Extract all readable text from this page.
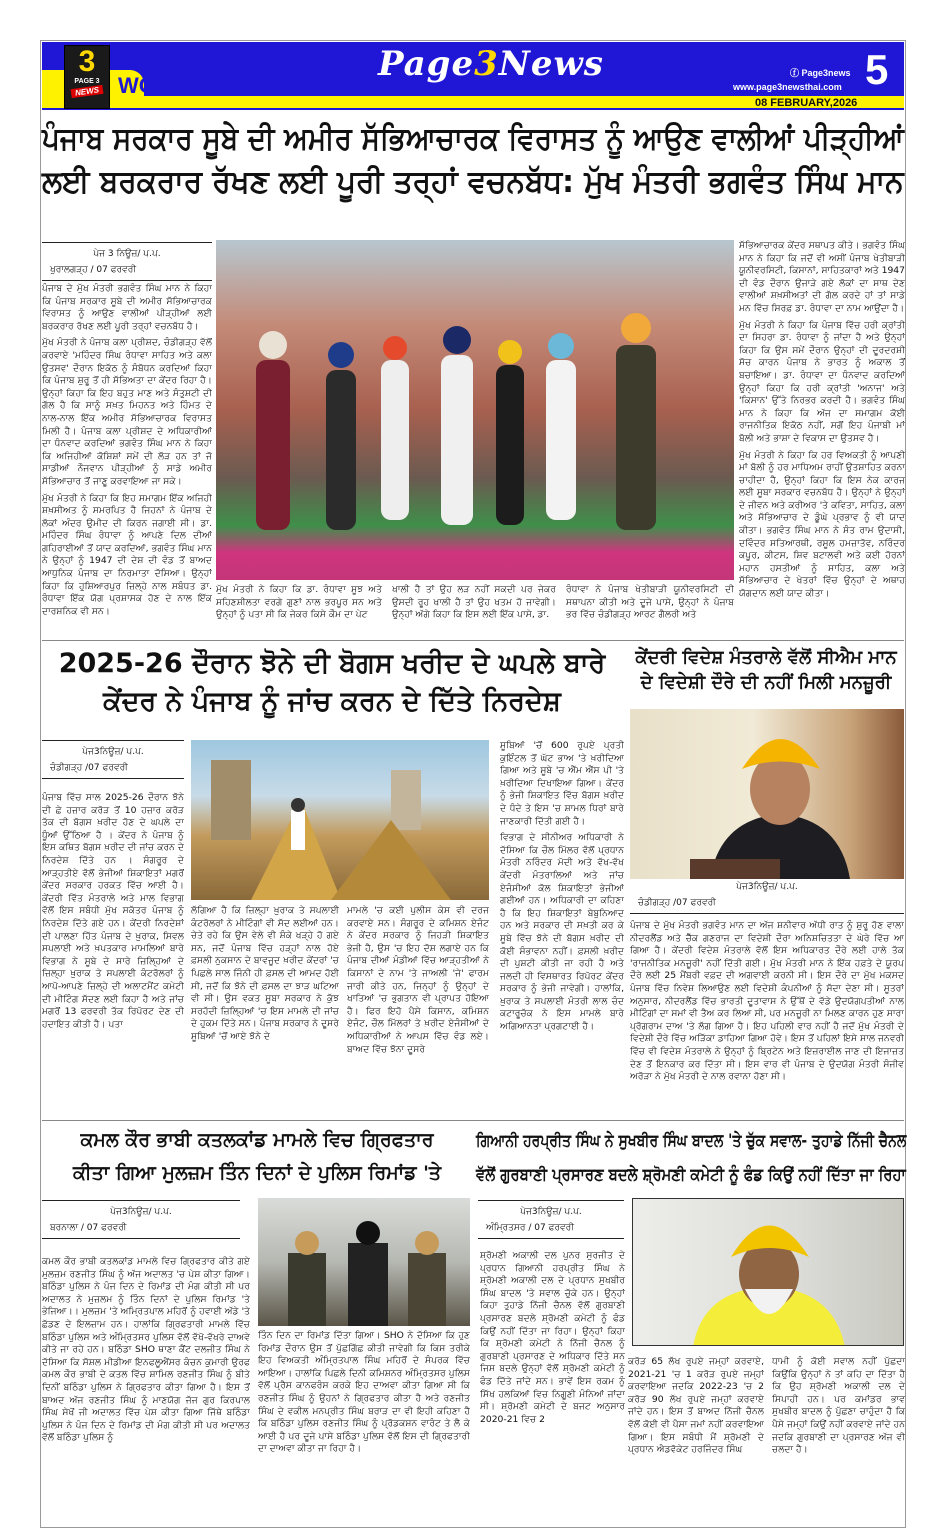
WORLD
3
PAGE 3
NEWS
Page3News	ⓕ Page3news
www.page3newsthai.com 5
08 FEBRUARY,2026
ਪੰਜਾਬ ਸਰਕਾਰ ਸੂਬੇ ਦੀ ਅਮੀਰ ਸੱਭਿਆਚਾਰਕ ਵਿਰਾਸਤ ਨੂੰ ਆਉਣ ਵਾਲੀਆਂ ਪੀੜ੍ਹੀਆਂ
ਲਈ ਬਰਕਰਾਰ ਰੱਖਣ ਲਈ ਪੂਰੀ ਤਰ੍ਹਾਂ ਵਚਨਬੱਧ: ਮੁੱਖ ਮੰਤਰੀ ਭਗਵੰਤ ਸਿੰਘ ਮਾਨ
ਪੇਜ 3 ਨਿਊਜ਼/ ਪ.ਪ.
ਖੁਰਾਲਗੜ੍ਹ / 07 ਫਰਵਰੀ

ਪੰਜਾਬ ਦੇ ਮੁੱਖ ਮੰਤਰੀ ਭਗਵੰਤ ਸਿੰਘ ਮਾਨ ਨੇ ਕਿਹਾ ਕਿ ਪੰਜਾਬ ਸਰਕਾਰ ਸੂਬੇ ਦੀ ਅਮੀਰ ਸੱਭਿਆਚਾਰਕ ਵਿਰਾਸਤ ਨੂੰ ਆਉਣ ਵਾਲੀਆਂ ਪੀੜ੍ਹੀਆਂ ਲਈ ਬਰਕਰਾਰ ਰੱਖਣ ਲਈ ਪੂਰੀ ਤਰ੍ਹਾਂ ਵਚਨਬੱਧ ਹੈ।

ਮੁੱਖ ਮੰਤਰੀ ਨੇ ਪੰਜਾਬ ਕਲਾ ਪ੍ਰੀਸ਼ਦ, ਚੰਡੀਗੜ੍ਹ ਵੱਲੋਂ ਕਰਵਾਏ 'ਮਹਿੰਦਰ ਸਿੰਘ ਰੰਧਾਵਾ ਸਾਹਿਤ ਅਤੇ ਕਲਾ ਉਤਸਵ' ਦੌਰਾਨ ਇਕੱਠ ਨੂੰ ਸੰਬੋਧਨ ਕਰਦਿਆਂ ਕਿਹਾ ਕਿ ਪੰਜਾਬ ਸ਼ੁਰੂ ਤੋਂ ਹੀ ਸੱਭਿਅਤਾ ਦਾ ਕੇਂਦਰ ਰਿਹਾ ਹੈ। ਉਨ੍ਹਾਂ ਕਿਹਾ ਕਿ ਇਹ ਬਹੁਤ ਮਾਣ ਅਤੇ ਸੰਤੁਸ਼ਟੀ ਦੀ ਗੱਲ ਹੈ ਕਿ ਸਾਨੂੰ ਸਖ਼ਤ ਮਿਹਨਤ ਅਤੇ ਹਿੰਮਤ ਦੇ ਨਾਲ-ਨਾਲ ਇੱਕ ਅਮੀਰ ਸੱਭਿਆਚਾਰਕ ਵਿਰਾਸਤ ਮਿਲੀ ਹੈ। ਪੰਜਾਬ ਕਲਾ ਪ੍ਰੀਸ਼ਦ ਦੇ ਅਧਿਕਾਰੀਆਂ ਦਾ ਧੰਨਵਾਦ ਕਰਦਿਆਂ ਭਗਵੰਤ ਸਿੰਘ ਮਾਨ ਨੇ ਕਿਹਾ ਕਿ ਅਜਿਹੀਆਂ ਕੋਸ਼ਿਸ਼ਾਂ ਸਮੇਂ ਦੀ ਲੋੜ ਹਨ ਤਾਂ ਜੋ ਸਾਡੀਆਂ ਨੌਜਵਾਨ ਪੀੜ੍ਹੀਆਂ ਨੂੰ ਸਾਡੇ ਅਮੀਰ ਸੱਭਿਆਚਾਰ ਤੋਂ ਜਾਣੂ ਕਰਵਾਇਆ ਜਾ ਸਕੇ।

ਮੁੱਖ ਮੰਤਰੀ ਨੇ ਕਿਹਾ ਕਿ ਇਹ ਸਮਾਗਮ ਇੱਕ ਅਜਿਹੀ ਸ਼ਖ਼ਸੀਅਤ ਨੂੰ ਸਮਰਪਿਤ ਹੈ ਜਿਹਨਾਂ ਨੇ ਪੰਜਾਬ ਦੇ ਲੋਕਾਂ ਅੰਦਰ ਉਮੀਦ ਦੀ ਕਿਰਨ ਜਗਾਈ ਸੀ। ਡਾ. ਮਹਿੰਦਰ ਸਿੰਘ ਰੰਧਾਵਾ ਨੂੰ ਆਪਣੇ ਦਿਲ ਦੀਆਂ ਗਹਿਰਾਈਆਂ ਤੋਂ ਯਾਦ ਕਰਦਿਆਂ, ਭਗਵੰਤ ਸਿੰਘ ਮਾਨ ਨੇ ਉਨ੍ਹਾਂ ਨੂੰ 1947 ਦੀ ਦੇਸ਼ ਦੀ ਵੰਡ ਤੋਂ ਬਾਅਦ ਆਧੁਨਿਕ ਪੰਜਾਬ ਦਾ ਨਿਰਮਾਤਾ ਦੱਸਿਆ। ਉਨ੍ਹਾਂ ਕਿਹਾ ਕਿ ਹੁਸ਼ਿਆਰਪੁਰ ਜ਼ਿਲ੍ਹੇ ਨਾਲ ਸਬੰਧਤ ਡਾ. ਰੰਧਾਵਾ ਇੱਕ ਯੋਗ ਪ੍ਰਸ਼ਾਸਕ ਹੋਣ ਦੇ ਨਾਲ ਇੱਕ ਦਾਰਸ਼ਨਿਕ ਵੀ ਸਨ।

ਮੁੱਖ ਮੰਤਰੀ ਨੇ ਕਿਹਾ ਕਿ ਡਾ. ਰੰਧਾਵਾ ਸੂਝ ਅਤੇ ਸਹਿਣਸ਼ੀਲਤਾ ਵਰਗੇ ਗੁਣਾਂ ਨਾਲ ਭਰਪੂਰ ਸਨ ਅਤੇ ਉਨ੍ਹਾਂ ਨੂੰ ਪਤਾ ਸੀ ਕਿ ਜੇਕਰ ਕਿਸੇ ਕੌਮ ਦਾ ਪੇਟ
ਖਾਲੀ ਹੈ ਤਾਂ ਉਹ ਲੜ ਨਹੀਂ ਸਕਦੀ ਪਰ ਜੇਕਰ ਉਸਦੀ ਰੂਹ ਖਾਲੀ ਹੈ ਤਾਂ ਉਹ ਖਤਮ ਹੋ ਜਾਵੇਗੀ। ਉਨ੍ਹਾਂ ਅੱਗੇ ਕਿਹਾ ਕਿ ਇਸ ਲਈ ਇੱਕ ਪਾਸੇ, ਡਾ.
ਰੰਧਾਵਾ ਨੇ ਪੰਜਾਬ ਖੇਤੀਬਾੜੀ ਯੂਨੀਵਰਸਿਟੀ ਦੀ ਸਥਾਪਨਾ ਕੀਤੀ ਅਤੇ ਦੂਜੇ ਪਾਸੇ, ਉਨ੍ਹਾਂ ਨੇ ਪੰਜਾਬ ਭਰ ਵਿੱਚ ਚੰਡੀਗੜ੍ਹ ਆਰਟ ਗੈਲਰੀ ਅਤੇ

ਸੱਭਿਆਚਾਰਕ ਕੇਂਦਰ ਸਥਾਪਤ ਕੀਤੇ। ਭਗਵੰਤ ਸਿੰਘ ਮਾਨ ਨੇ ਕਿਹਾ ਕਿ ਜਦੋਂ ਵੀ ਅਸੀਂ ਪੰਜਾਬ ਖੇਤੀਬਾੜੀ ਯੂਨੀਵਰਸਿਟੀ, ਕਿਸਾਨਾਂ, ਸਾਹਿਤਕਾਰਾਂ ਅਤੇ 1947 ਦੀ ਵੰਡ ਦੌਰਾਨ ਉਜਾੜੇ ਗਏ ਲੋਕਾਂ ਦਾ ਸਾਥ ਦੇਣ ਵਾਲੀਆਂ ਸ਼ਖ਼ਸੀਅਤਾਂ ਦੀ ਗੱਲ ਕਰਦੇ ਹਾਂ ਤਾਂ ਸਾਡੇ ਮਨ ਵਿੱਚ ਸਿਰਫ਼ ਡਾ. ਰੰਧਾਵਾ ਦਾ ਨਾਮ ਆਉਂਦਾ ਹੈ।

ਮੁੱਖ ਮੰਤਰੀ ਨੇ ਕਿਹਾ ਕਿ ਪੰਜਾਬ ਵਿੱਚ ਹਰੀ ਕ੍ਰਾਂਤੀ ਦਾ ਸਿਹਰਾ ਡਾ. ਰੰਧਾਵਾ ਨੂੰ ਜਾਂਦਾ ਹੈ ਅਤੇ ਉਨ੍ਹਾਂ ਕਿਹਾ ਕਿ ਉਸ ਸਮੇਂ ਦੌਰਾਨ ਉਨ੍ਹਾਂ ਦੀ ਦੂਰਦਰਸ਼ੀ ਸੋਚ ਕਾਰਨ ਪੰਜਾਬ ਨੇ ਭਾਰਤ ਨੂੰ ਅਕਾਲ ਤੋਂ ਬਚਾਇਆ। ਡਾ. ਰੰਧਾਵਾ ਦਾ ਧੰਨਵਾਦ ਕਰਦਿਆਂ ਉਨ੍ਹਾਂ ਕਿਹਾ ਕਿ ਹਰੀ ਕ੍ਰਾਂਤੀ 'ਅਨਾਜ' ਅਤੇ 'ਕਿਸਾਨ' ਉੱਤੇ ਨਿਰਭਰ ਕਰਦੀ ਹੈ। ਭਗਵੰਤ ਸਿੰਘ ਮਾਨ ਨੇ ਕਿਹਾ ਕਿ ਅੱਜ ਦਾ ਸਮਾਗਮ ਕੋਈ ਰਾਜਨੀਤਿਕ ਇਕੱਠ ਨਹੀਂ, ਸਗੋਂ ਇਹ ਪੰਜਾਬੀ ਮਾਂ ਬੋਲੀ ਅਤੇ ਭਾਸ਼ਾ ਦੇ ਵਿਕਾਸ ਦਾ ਉਤਸਵ ਹੈ।

ਮੁੱਖ ਮੰਤਰੀ ਨੇ ਕਿਹਾ ਕਿ ਹਰ ਵਿਅਕਤੀ ਨੂੰ ਆਪਣੀ ਮਾਂ ਬੋਲੀ ਨੂੰ ਹਰ ਮਾਧਿਅਮ ਰਾਹੀਂ ਉਤਸ਼ਾਹਿਤ ਕਰਨਾ ਚਾਹੀਦਾ ਹੈ, ਉਨ੍ਹਾਂ ਕਿਹਾ ਕਿ ਇਸ ਨੇਕ ਕਾਰਜ ਲਈ ਸੂਬਾ ਸਰਕਾਰ ਵਚਨਬੱਧ ਹੈ। ਉਨ੍ਹਾਂ ਨੇ ਉਨ੍ਹਾਂ ਦੇ ਜੀਵਨ ਅਤੇ ਕਰੀਅਰ 'ਤੇ ਕਵਿਤਾ, ਸਾਹਿਤ, ਕਲਾ ਅਤੇ ਸੱਭਿਆਚਾਰ ਦੇ ਡੂੰਘੇ ਪ੍ਰਭਾਵ ਨੂੰ ਵੀ ਯਾਦ ਕੀਤਾ। ਭਗਵੰਤ ਸਿੰਘ ਮਾਨ ਨੇ ਸੰਤ ਰਾਮ ਉਦਾਸੀ, ਦਵਿੰਦਰ ਸਤਿਆਰਥੀ, ਰਸੂਲ ਹਮਜ਼ਾਤੋਵ, ਨਰਿੰਦਰ ਕਪੂਰ, ਕੀਟਸ, ਸ਼ਿਵ ਬਟਾਲਵੀ ਅਤੇ ਕਈ ਹੋਰਨਾਂ ਮਹਾਨ ਹਸਤੀਆਂ ਨੂੰ ਸਾਹਿਤ, ਕਲਾ ਅਤੇ ਸੱਭਿਆਚਾਰ ਦੇ ਖੇਤਰਾਂ ਵਿੱਚ ਉਨ੍ਹਾਂ ਦੇ ਅਥਾਹ ਯੋਗਦਾਨ ਲਈ ਯਾਦ ਕੀਤਾ।

2025-26 ਦੌਰਾਨ ਝੋਨੇ ਦੀ ਬੋਗਸ ਖਰੀਦ ਦੇ ਘਪਲੇ ਬਾਰੇ
ਕੇਂਦਰ ਨੇ ਪੰਜਾਬ ਨੂੰ ਜਾਂਚ ਕਰਨ ਦੇ ਦਿੱਤੇ ਨਿਰਦੇਸ਼
ਪੇਜ3ਨਿਊਜ਼/ ਪ.ਪ.
ਚੰਡੀਗੜ੍ਹ /07 ਫਰਵਰੀ
ਪੰਜਾਬ ਵਿੱਚ ਸਾਲ 2025-26 ਦੌਰਾਨ ਝੋਨੇ ਦੀ ਛੇ ਹਜ਼ਾਰ ਕਰੋੜ ਤੋਂ 10 ਹਜ਼ਾਰ ਕਰੋੜ ਤੱਕ ਦੀ ਬੋਗਸ ਖ਼ਰੀਦ ਹੋਣ ਦੇ ਘਪਲੇ ਦਾ ਧੂੰਆਂ ਉੱਠਿਆ ਹੈ । ਕੇਂਦਰ ਨੇ ਪੰਜਾਬ ਨੂੰ ਇਸ ਕਥਿਤ ਬੋਗਸ ਖ਼ਰੀਦ ਦੀ ਜਾਂਚ ਕਰਨ ਦੇ ਨਿਰਦੇਸ਼ ਦਿੱਤੇ ਹਨ । ਸੰਗਰੂਰ ਦੇ ਆੜ੍ਹਤੀਏ ਵੱਲੋਂ ਭੇਜੀਆਂ ਸ਼ਿਕਾਇਤਾਂ ਮਗਰੋਂ ਕੇਂਦਰ ਸਰਕਾਰ ਹਰਕਤ ਵਿੱਚ ਆਈ ਹੈ। ਕੇਂਦਰੀ ਵਿੱਤ ਮੰਤਰਾਲੇ ਅਤੇ ਮਾਲ ਵਿਭਾਗ ਵੱਲੋਂ ਇਸ ਸਬੰਧੀ ਮੁੱਖ ਸਕੱਤਰ ਪੰਜਾਬ ਨੂੰ ਨਿਰਦੇਸ਼ ਦਿੱਤੇ ਗਏ ਹਨ। ਕੇਂਦਰੀ ਨਿਰਦੇਸ਼ਾਂ ਦੀ ਪਾਲਣਾ ਹਿੱਤ ਪੰਜਾਬ ਦੇ ਖ਼ੁਰਾਕ, ਸਿਵਲ ਸਪਲਾਈ ਅਤੇ ਖ਼ਪਤਕਾਰ ਮਾਮਲਿਆਂ ਬਾਰੇ ਵਿਭਾਗ ਨੇ ਸੂਬੇ ਦੇ ਸਾਰੇ ਜ਼ਿਲ੍ਹਿਆਂ ਦੇ ਜ਼ਿਲ੍ਹਾ ਖ਼ੁਰਾਕ ਤੇ ਸਪਲਾਈ ਕੰਟਰੋਲਰਾਂ ਨੂੰ ਆਪੋ-ਆਪਣੇ ਜ਼ਿਲ੍ਹੇ ਦੀ ਅਲਾਟਮੈਂਟ ਕਮੇਟੀ ਦੀ ਮੀਟਿੰਗ ਸੱਦਣ ਲਈ ਕਿਹਾ ਹੈ ਅਤੇ ਜਾਂਚ ਮਗਰੋਂ 13 ਫਰਵਰੀ ਤੱਕ ਰਿਪੋਰਟ ਦੇਣ ਦੀ ਹਦਾਇਤ ਕੀਤੀ ਹੈ। ਪਤਾ
ਲੱਗਿਆ ਹੈ ਕਿ ਜ਼ਿਲ੍ਹਾ ਖ਼ੁਰਾਕ ਤੇ ਸਪਲਾਈ ਕੰਟਰੋਲਰਾਂ ਨੇ ਮੀਟਿੰਗਾਂ ਵੀ ਸੱਦ ਲਈਆਂ ਹਨ। ਚੇਤੇ ਰਹੇ ਕਿ ਉਸ ਵੇਲੇ ਵੀ ਸ਼ੰਕੇ ਖੜ੍ਹੇ ਹੋ ਗਏ ਸਨ, ਜਦੋਂ ਪੰਜਾਬ ਵਿੱਚ ਹੜ੍ਹਾਂ ਨਾਲ ਹੋਏ ਫ਼ਸਲੀ ਨੁਕਸਾਨ ਦੇ ਬਾਵਜੂਦ ਖ਼ਰੀਦ ਕੇਂਦਰਾਂ 'ਚ ਪਿਛਲੇ ਸਾਲ ਜਿੰਨੀ ਹੀ ਫ਼ਸਲ ਦੀ ਆਮਦ ਹੋਈ ਸੀ, ਜਦੋਂ ਕਿ ਝੋਨੇ ਦੀ ਫ਼ਸਲ ਦਾ ਝਾੜ ਘਟਿਆ ਵੀ ਸੀ। ਉਸ ਵਕਤ ਸੂਬਾ ਸਰਕਾਰ ਨੇ ਕੁੱਝ ਸਰਹੱਦੀ ਜ਼ਿਲ੍ਹਿਆਂ 'ਚ ਇਸ ਮਾਮਲੇ ਦੀ ਜਾਂਚ ਦੇ ਹੁਕਮ ਦਿੱਤੇ ਸਨ। ਪੰਜਾਬ ਸਰਕਾਰ ਨੇ ਦੂਸਰੇ ਸੂਬਿਆਂ 'ਚੋਂ ਆਏ ਝੋਨੇ ਦੇ
ਮਾਮਲੇ 'ਚ ਕਈ ਪੁਲੀਸ ਕੇਸ ਵੀ ਦਰਜ ਕਰਵਾਏ ਸਨ। ਸੰਗਰੂਰ ਦੇ ਕਮਿਸ਼ਨ ਏਜੰਟ ਨੇ ਕੇਂਦਰ ਸਰਕਾਰ ਨੂੰ ਜਿਹੜੀ ਸ਼ਿਕਾਇਤ ਭੇਜੀ ਹੈ, ਉਸ 'ਚ ਇਹ ਦੋਸ਼ ਲਗਾਏ ਹਨ ਕਿ ਪੰਜਾਬ ਦੀਆਂ ਮੰਡੀਆਂ ਵਿੱਚ ਆੜ੍ਹਤੀਆਂ ਨੇ ਕਿਸਾਨਾਂ ਦੇ ਨਾਮ 'ਤੇ ਜਾਅਲੀ 'ਜੇ' ਫਾਰਮ ਜਾਰੀ ਕੀਤੇ ਹਨ, ਜਿਨ੍ਹਾਂ ਨੂੰ ਉਨ੍ਹਾਂ ਦੇ ਖਾਤਿਆਂ 'ਚ ਭੁਗਤਾਨ ਵੀ ਪ੍ਰਾਪਤ ਹੋਇਆ ਹੈ। ਫਿਰ ਇਹੋ ਪੈਸੇ ਕਿਸਾਨ, ਕਮਿਸ਼ਨ ਏਜੰਟ, ਚੌਲ ਮਿੱਲਰਾਂ ਤੇ ਖ਼ਰੀਦ ਏਜੰਸੀਆਂ ਦੇ ਅਧਿਕਾਰੀਆਂ ਨੇ ਆਪਸ ਵਿੱਚ ਵੰਡ ਲਏ। ਬਾਅਦ ਵਿੱਚ ਝੋਨਾ ਦੂਸਰੇ

ਸੂਬਿਆਂ 'ਚੋਂ 600 ਰੁਪਏ ਪ੍ਰਤੀ ਕੁਇੰਟਲ ਤੋਂ ਘੱਟ ਭਾਅ 'ਤੇ ਖ਼ਰੀਦਿਆ ਗਿਆ ਅਤੇ ਸੂਬੇ 'ਚ ਐੱਮ ਐੱਸ ਪੀ 'ਤੇ ਖ਼ਰੀਦਿਆ ਦਿਖਾਇਆ ਗਿਆ। ਕੇਂਦਰ ਨੂੰ ਭੇਜੀ ਸ਼ਿਕਾਇਤ ਵਿੱਚ ਬੋਗਸ ਖ਼ਰੀਦ ਦੇ ਧੰਦੇ ਤੇ ਇਸ 'ਚ ਸ਼ਾਮਲ ਧਿਰਾਂ ਬਾਰੇ ਜਾਣਕਾਰੀ ਦਿੱਤੀ ਗਈ ਹੈ।

ਵਿਭਾਗ ਦੇ ਸੀਨੀਅਰ ਅਧਿਕਾਰੀ ਨੇ ਦੱਸਿਆ ਕਿ ਚੌਲ ਮਿੱਲਰ ਵੱਲੋਂ ਪ੍ਰਧਾਨ ਮੰਤਰੀ ਨਰਿੰਦਰ ਮੋਦੀ ਅਤੇ ਵੱਖ-ਵੱਖ ਕੇਂਦਰੀ ਮੰਤਰਾਲਿਆਂ ਅਤੇ ਜਾਂਚ ਏਜੰਸੀਆਂ ਕੋਲ ਸ਼ਿਕਾਇਤਾਂ ਭੇਜੀਆਂ ਗਈਆਂ ਹਨ। ਅਧਿਕਾਰੀ ਦਾ ਕਹਿਣਾ ਹੈ ਕਿ ਇਹ ਸ਼ਿਕਾਇਤਾਂ ਬੇਬੁਨਿਆਦ ਹਨ ਅਤੇ ਸਰਕਾਰ ਦੀ ਸਖ਼ਤੀ ਕਰ ਕੇ ਸੂਬੇ ਵਿੱਚ ਝੋਨੇ ਦੀ ਬੋਗਸ ਖ਼ਰੀਦ ਦੀ ਕੋਈ ਸੰਭਾਵਨਾ ਨਹੀਂ। ਫ਼ਸਲੀ ਖ਼ਰੀਦ ਦੀ ਪੁਸ਼ਟੀ ਕੀਤੀ ਜਾ ਰਹੀ ਹੈ ਅਤੇ ਜਲਦੀ ਹੀ ਵਿਸਥਾਰਤ ਰਿਪੋਰਟ ਕੇਂਦਰ ਸਰਕਾਰ ਨੂੰ ਭੇਜੀ ਜਾਵੇਗੀ। ਹਾਲਾਂਕਿ, ਖ਼ੁਰਾਕ ਤੇ ਸਪਲਾਈ ਮੰਤਰੀ ਲਾਲ ਚੰਦ ਕਟਾਰੂਚੱਕ ਨੇ ਇਸ ਮਾਮਲੇ ਬਾਰੇ ਅਗਿਆਨਤਾ ਪ੍ਰਗਟਾਈ ਹੈ।

ਕੇਂਦਰੀ ਵਿਦੇਸ਼ ਮੰਤਰਾਲੇ ਵੱਲੋਂ ਸੀਐਮ ਮਾਨ
ਦੇ ਵਿਦੇਸ਼ੀ ਦੌਰੇ ਦੀ ਨਹੀਂ ਮਿਲੀ ਮਨਜ਼ੂਰੀ
ਪੇਜ3ਨਿਊਜ਼/ ਪ.ਪ.
ਚੰਡੀਗੜ੍ਹ /07 ਫਰਵਰੀ
ਪੰਜਾਬ ਦੇ ਮੁੱਖ ਮੰਤਰੀ ਭਗਵੰਤ ਮਾਨ ਦਾ ਅੱਜ ਸ਼ਨੀਵਾਰ ਅੱਧੀ ਰਾਤ ਨੂੰ ਸ਼ੁਰੂ ਹੋਣ ਵਾਲਾ ਨੀਦਰਲੈਂਡ ਅਤੇ ਚੈੱਕ ਗਣਰਾਜ ਦਾ ਵਿਦੇਸ਼ੀ ਦੌਰਾ ਅਨਿਸ਼ਚਿਤਤਾ ਦੇ ਘੇਰੇ ਵਿੱਚ ਆ ਗਿਆ ਹੈ। ਕੇਂਦਰੀ ਵਿਦੇਸ਼ ਮੰਤਰਾਲੇ ਵੱਲੋਂ ਇਸ ਅਧਿਕਾਰਤ ਦੌਰੇ ਲਈ ਹਾਲੇ ਤੱਕ 'ਰਾਜਨੀਤਿਕ ਮਨਜ਼ੂਰੀ' ਨਹੀਂ ਦਿੱਤੀ ਗਈ। ਮੁੱਖ ਮੰਤਰੀ ਮਾਨ ਨੇ ਇੱਕ ਹਫ਼ਤੇ ਦੇ ਯੂਰਪ ਦੌਰੇ ਲਈ 25 ਮੈਂਬਰੀ ਵਫ਼ਦ ਦੀ ਅਗਵਾਈ ਕਰਨੀ ਸੀ। ਇਸ ਦੌਰੇ ਦਾ ਮੁੱਖ ਮਕਸਦ ਪੰਜਾਬ ਵਿੱਚ ਨਿਵੇਸ਼ ਲਿਆਉਣ ਲਈ ਵਿਦੇਸ਼ੀ ਕੰਪਨੀਆਂ ਨੂੰ ਸੱਦਾ ਦੇਣਾ ਸੀ। ਸੂਤਰਾਂ ਅਨੁਸਾਰ, ਨੀਦਰਲੈਂਡ ਵਿੱਚ ਭਾਰਤੀ ਦੂਤਾਵਾਸ ਨੇ ਉੱਥੋਂ ਦੇ ਵੱਡੇ ਉਦਯੋਗਪਤੀਆਂ ਨਾਲ ਮੀਟਿੰਗਾਂ ਦਾ ਸਮਾਂ ਵੀ ਤੈਅ ਕਰ ਲਿਆ ਸੀ, ਪਰ ਮਨਜ਼ੂਰੀ ਨਾ ਮਿਲਣ ਕਾਰਨ ਹੁਣ ਸਾਰਾ ਪ੍ਰੋਗਰਾਮ ਦਾਅ 'ਤੇ ਲੱਗ ਗਿਆ ਹੈ। ਇਹ ਪਹਿਲੀ ਵਾਰ ਨਹੀਂ ਹੈ ਜਦੋਂ ਮੁੱਖ ਮੰਤਰੀ ਦੇ ਵਿਦੇਸ਼ੀ ਦੌਰੇ ਵਿੱਚ ਅੜਿੱਕਾ ਡਾਹਿਆ ਗਿਆ ਹੋਵੇ। ਇਸ ਤੋਂ ਪਹਿਲਾਂ ਇਸੇ ਸਾਲ ਜਨਵਰੀ ਵਿੱਚ ਵੀ ਵਿਦੇਸ਼ ਮੰਤਰਾਲੇ ਨੇ ਉਨ੍ਹਾਂ ਨੂੰ ਬ੍ਰਿਟੇਨ ਅਤੇ ਇਜ਼ਰਾਈਲ ਜਾਣ ਦੀ ਇਜਾਜ਼ਤ ਦੇਣ ਤੋਂ ਇਨਕਾਰ ਕਰ ਦਿੱਤਾ ਸੀ। ਇਸ ਵਾਰ ਵੀ ਪੰਜਾਬ ਦੇ ਉਦਯੋਗ ਮੰਤਰੀ ਸੰਜੀਵ ਅਰੋੜਾ ਨੇ ਮੁੱਖ ਮੰਤਰੀ ਦੇ ਨਾਲ ਰਵਾਨਾ ਹੋਣਾ ਸੀ।
ਕਮਲ ਕੌਰ ਭਾਬੀ ਕਤਲਕਾਂਡ ਮਾਮਲੇ ਵਿਚ ਗ੍ਰਿਫਤਾਰ
ਕੀਤਾ ਗਿਆ ਮੁਲਜ਼ਮ ਤਿੰਨ ਦਿਨਾਂ ਦੇ ਪੁਲਿਸ ਰਿਮਾਂਡ 'ਤੇ
ਪੇਜ3ਨਿਊਜ਼/ ਪ.ਪ.
ਬਰਨਾਲਾ / 07 ਫਰਵਰੀ
ਕਮਲ ਕੌਰ ਭਾਬੀ ਕਤਲਕਾਂਡ ਮਾਮਲੇ ਵਿਚ ਗ੍ਰਿਫਤਾਰ ਕੀਤੇ ਗਏ ਮੁਲਜ਼ਮ ਰਣਜੀਤ ਸਿੰਘ ਨੂੰ ਅੱਜ ਅਦਾਲਤ 'ਚ ਪੇਸ਼ ਕੀਤਾ ਗਿਆ। ਬਠਿੰਡਾ ਪੁਲਿਸ ਨੇ ਪੰਜ ਦਿਨ ਦੇ ਰਿਮਾਂਡ ਦੀ ਮੰਗ ਕੀਤੀ ਸੀ ਪਰ ਅਦਾਲਤ ਨੇ ਮੁਜ਼ਲਮ ਨੂੰ ਤਿੰਨ ਦਿਨਾਂ ਦੇ ਪੁਲਿਸ ਰਿਮਾਂਡ 'ਤੇ ਭੇਜਿਆ।। ਮੁਲਜ਼ਮ 'ਤੇ ਅਮ੍ਰਿਤਪਾਲ ਮਹਿਰੋਂ ਨੂੰ ਹਵਾਈ ਅੱਡੇ 'ਤੇ ਛੱਡਣ ਦੇ ਇਲਜ਼ਾਮ ਹਨ। ਹਾਲਾਂਕਿ ਗ੍ਰਿਫਤਾਰੀ ਮਾਮਲੇ ਵਿੱਚ ਬਠਿੰਡਾ ਪੁਲਿਸ ਅਤੇ ਅੰਮ੍ਰਿਤਸਰ ਪੁਲਿਸ ਵੱਲੋਂ ਵੱਖੋ-ਵੱਖਰੇ ਦਾਅਵੇ ਕੀਤੇ ਜਾ ਰਹੇ ਹਨ। ਬਠਿੰਡਾ SHO ਥਾਣਾ ਕੈਂਟ ਦਲਜੀਤ ਸਿੰਘ ਨੇ ਦੱਸਿਆ ਕਿ ਸੋਸ਼ਲ ਮੀਡੀਆ ਇਨਫਲੂਐਂਸਰ ਕੰਚਨ ਕੁਮਾਰੀ ਉਰਫ ਕਮਲ ਕੌਰ ਭਾਬੀ ਦੇ ਕਤਲ ਵਿੱਚ ਸ਼ਾਮਿਲ ਰਣਜੀਤ ਸਿੰਘ ਨੂੰ ਬੀਤੇ ਦਿਨੀਂ ਬਠਿੰਡਾ ਪੁਲਿਸ ਨੇ ਗ੍ਰਿਫਤਾਰ ਕੀਤਾ ਗਿਆ ਹੈ। ਇਸ ਤੋਂ ਬਾਅਦ ਅੱਜ ਰਣਜੀਤ ਸਿੰਘ ਨੂੰ ਮਾਣਯੋਗ ਜੱਜ ਗੁਰ ਕਿਰਪਾਲ ਸਿੰਘ ਸੇਖੋਂ ਜੀ ਅਦਾਲਤ ਵਿੱਚ ਪੇਸ਼ ਕੀਤਾ ਗਿਆ ਜਿੱਥੇ ਬਠਿੰਡਾ ਪੁਲਿਸ ਨੇ ਪੰਜ ਦਿਨ ਦੇ ਰਿਮਾਂਡ ਦੀ ਮੰਗ ਕੀਤੀ ਸੀ ਪਰ ਅਦਾਲਤ ਵੱਲੋਂ ਬਠਿੰਡਾ ਪੁਲਿਸ ਨੂੰ
ਤਿੰਨ ਦਿਨ ਦਾ ਰਿਮਾਂਡ ਦਿੱਤਾ ਗਿਆ। SHO ਨੇ ਦੱਸਿਆ ਕਿ ਹੁਣ ਰਿਮਾਂਡ ਦੌਰਾਨ ਉਸ ਤੋਂ ਪੁੱਛਗਿੱਛ ਕੀਤੀ ਜਾਵੇਗੀ ਕਿ ਕਿਸ ਤਰੀਕੇ ਇਹ ਵਿਅਕਤੀ ਅੰਮ੍ਰਿਤਪਾਲ ਸਿੰਘ ਮਹਿਰੋਂ ਦੇ ਸੰਪਰਕ ਵਿੱਚ ਆਇਆ। ਹਾਲਾਂਕਿ ਪਿਛਲੇ ਦਿਨੀ ਕਮਿਸ਼ਨਰ ਅੰਮ੍ਰਿਤਸਰ ਪੁਲਿਸ ਵੱਲੋਂ ਪ੍ਰੈਸ ਕਾਨਫਰੰਸ ਕਰਕੇ ਇਹ ਦਾਅਵਾ ਕੀਤਾ ਗਿਆ ਸੀ ਕਿ ਰਣਜੀਤ ਸਿੰਘ ਨੂੰ ਉਹਨਾਂ ਨੇ ਗ੍ਰਿਫਤਾਰ ਕੀਤਾ ਹੈ ਅਤੇ ਰਣਜੀਤ ਸਿੰਘ ਦੇ ਵਕੀਲ ਮਨਪ੍ਰੀਤ ਸਿੰਘ ਬਰਾੜ ਦਾ ਵੀ ਇਹੀ ਕਹਿਣਾ ਹੈ ਕਿ ਬਠਿੰਡਾ ਪੁਲਿਸ ਰਣਜੀਤ ਸਿੰਘ ਨੂੰ ਪ੍ਰੋਡਕਸ਼ਨ ਵਾਰੰਟ ਤੇ ਲੈ ਕੇ ਆਈ ਹੈ ਪਰ ਦੂਜੇ ਪਾਸੇ ਬਠਿੰਡਾ ਪੁਲਿਸ ਵੱਲੋਂ ਇਸ ਦੀ ਗ੍ਰਿਫਤਾਰੀ ਦਾ ਦਾਅਵਾ ਕੀਤਾ ਜਾ ਰਿਹਾ ਹੈ।
ਗਿਆਨੀ ਹਰਪ੍ਰੀਤ ਸਿੰਘ ਨੇ ਸੁਖਬੀਰ ਸਿੰਘ ਬਾਦਲ 'ਤੇ ਚੁੱਕ ਸਵਾਲ- ਤੁਹਾਡੇ ਨਿੱਜੀ ਚੈਨਲ
ਵੱਲੋਂ ਗੁਰਬਾਣੀ ਪ੍ਰਸਾਰਣ ਬਦਲੇ ਸ਼੍ਰੋਮਣੀ ਕਮੇਟੀ ਨੂੰ ਫੰਡ ਕਿਉਂ ਨਹੀਂ ਦਿੱਤਾ ਜਾ ਰਿਹਾ
ਪੇਜ3ਨਿਊਜ਼/ ਪ.ਪ.
ਅੰਮ੍ਰਿਤਸਰ / 07 ਫਰਵਰੀ
ਸ਼੍ਰੋਮਣੀ ਅਕਾਲੀ ਦਲ ਪੁਨਰ ਸੁਰਜੀਤ ਦੇ ਪ੍ਰਧਾਨ ਗਿਆਨੀ ਹਰਪ੍ਰੀਤ ਸਿੰਘ ਨੇ ਸ਼੍ਰੋਮਣੀ ਅਕਾਲੀ ਦਲ ਦੇ ਪ੍ਰਧਾਨ ਸੁਖਬੀਰ ਸਿੰਘ ਬਾਦਲ 'ਤੇ ਸਵਾਲ ਚੁੱਕੇ ਹਨ। ਉਨ੍ਹਾਂ ਕਿਹਾ ਤੁਹਾਡੇ ਨਿੱਜੀ ਚੈਨਲ ਵੱਲੋਂ ਗੁਰਬਾਣੀ ਪ੍ਰਸਾਰਣ ਬਦਲੇ ਸ਼੍ਰੋਮਣੀ ਕਮੇਟੀ ਨੂੰ ਫੰਡ ਕਿਉਂ ਨਹੀਂ ਦਿੱਤਾ ਜਾ ਰਿਹਾ। ਉਨ੍ਹਾਂ ਕਿਹਾ ਕਿ ਸ਼੍ਰੋਮਣੀ ਕਮੇਟੀ ਨੇ ਨਿੱਜੀ ਚੈਨਲ ਨੂੰ ਗੁਰਬਾਣੀ ਪ੍ਰਸਾਰਣ ਦੇ ਅਧਿਕਾਰ ਦਿੱਤੇ ਸਨ ਜਿਸ ਬਦਲੇ ਉਨ੍ਹਾਂ ਵੱਲੋਂ ਸ਼੍ਰੋਮਣੀ ਕਮੇਟੀ ਨੂੰ ਫੰਡ ਦਿੱਤੇ ਜਾਂਦੇ ਸਨ। ਭਾਵੇਂ ਇਸ ਰਕਮ ਨੂੰ ਸਿੱਖ ਹਲਕਿਆਂ ਵਿਚ ਨਿਗੂਣੀ ਮੰਨਿਆਂ ਜਾਂਦਾ ਸੀ। ਸ਼੍ਰੋਮਣੀ ਕਮੇਟੀ ਦੇ ਬਜਟ ਅਨੁਸਾਰ 2020-21 ਵਿਚ 2
ਕਰੋੜ 65 ਲੱਖ ਰੁਪਏ ਜਮ੍ਹਾਂ ਕਰਵਾਏ, 2021-21 'ਚ 1 ਕਰੋੜ ਰੁਪਏ ਜਮ੍ਹਾਂ ਕਰਵਾਇਆ ਜਦਕਿ 2022-23 'ਚ 2 ਕਰੋੜ 90 ਲੱਖ ਰੁਪਏ ਜਮ੍ਹਾਂ ਕਰਵਾਏ ਜਾਂਦੇ ਹਨ। ਇਸ ਤੋਂ ਬਾਅਦ ਨਿੱਜੀ ਚੈਨਲ ਵੱਲੋਂ ਕੋਈ ਵੀ ਪੈਸਾ ਜਮਾਂ ਨਹੀਂ ਕਰਵਾਇਆ ਗਿਆ। ਇਸ ਸਬੰਧੀ ਮੈਂ ਸ਼੍ਰੋਮਣੀ ਦੇ ਪ੍ਰਧਾਨ ਐਡਵੋਕੇਟ ਹਰਜਿੰਦਰ ਸਿੰਘ
ਧਾਮੀ ਨੂੰ ਕੋਈ ਸਵਾਲ ਨਹੀਂ ਪੁੱਛਦਾ ਕਿਉਂਕਿ ਉਨ੍ਹਾਂ ਨੇ ਤਾਂ ਕਹਿ ਦਾ ਦਿੱਤਾ ਹੈ ਕਿ ਉਹ ਸ਼੍ਰੋਮਣੀ ਅਕਾਲੀ ਦਲ ਦੇ ਸਿਪਾਹੀ ਹਨ। ਪਰ ਕਮਾਂਡਰ ਭਾਵ ਸੁਖਬੀਰ ਬਾਦਲ ਨੂੰ ਪੁੱਛਣਾ ਚਾਹੁੰਦਾ ਹੈ ਕਿ ਪੈਸੇ ਜਮ੍ਹਾਂ ਕਿਉਂ ਨਹੀਂ ਕਰਵਾਏ ਜਾਂਦੇ ਹਨ ਜਦਕਿ ਗੁਰਬਾਣੀ ਦਾ ਪ੍ਰਸਾਰਣ ਅੱਜ ਵੀ ਚਲਦਾ ਹੈ।
